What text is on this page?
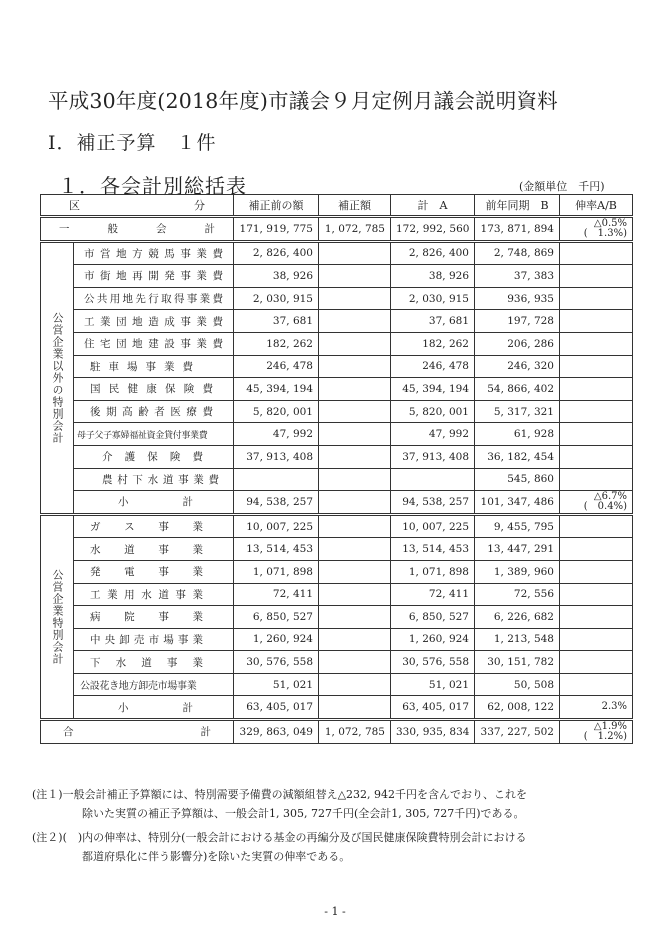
平成30年度(2018年度)市議会９月定例月議会説明資料
Ⅰ．補正予算　１件
１．各会計別総括表	(金額単位　千円)
区　　　　　　分		補正前の額	補正額	計　A	前年同期　B	伸率A/B
一般会計		171, 919, 775	1, 072, 785	172, 992, 560	173, 871, 894	△0.5%
(　1.3%)
公営企業以外の特別会計	市営地方競馬事業費	2, 826, 400		2, 826, 400	2, 748, 869	
	市街地再開発事業費	38, 926		38, 926	37, 383	
	公共用地先行取得事業費	2, 030, 915		2, 030, 915	936, 935	
	工業団地造成事業費	37, 681		37, 681	197, 728	
	住宅団地建設事業費	182, 262		182, 262	206, 286	
	駐車場事業費	246, 478		246, 478	246, 320	
	国民健康保険費	45, 394, 194		45, 394, 194	54, 866, 402	
	後期高齢者医療費	5, 820, 001		5, 820, 001	5, 317, 321	
	母子父子寡婦福祉資金貸付事業費	47, 992		47, 992	61, 928	
	介護保険費	37, 913, 408		37, 913, 408	36, 182, 454	
	農村下水道事業費				545, 860	
	小計	94, 538, 257		94, 538, 257	101, 347, 486	△6.7%
(　0.4%)
公営企業特別会計	ガス事業	10, 007, 225		10, 007, 225	9, 455, 795	
	水道事業	13, 514, 453		13, 514, 453	13, 447, 291	
	発電事業	1, 071, 898		1, 071, 898	1, 389, 960	
	工業用水道事業	72, 411		72, 411	72, 556	
	病院事業	6, 850, 527		6, 850, 527	6, 226, 682	
	中央卸売市場事業	1, 260, 924		1, 260, 924	1, 213, 548	
	下水道事業	30, 576, 558		30, 576, 558	30, 151, 782	
	公設花き地方卸売市場事業	51, 021		51, 021	50, 508	
	小計	63, 405, 017		63, 405, 017	62, 008, 122	2.3%
合計		329, 863, 049	1, 072, 785	330, 935, 834	337, 227, 502	△1.9%
(　1.2%)
(注１)一般会計補正予算額には、特別需要予備費の減額組替え△232, 942千円を含んでおり、これを
除いた実質の補正予算額は、一般会計1, 305, 727千円(全会計1, 305, 727千円)である。
(注２)(　)内の伸率は、特別分(一般会計における基金の再編分及び国民健康保険費特別会計における
都道府県化に伴う影響分)を除いた実質の伸率である。
- 1 -
